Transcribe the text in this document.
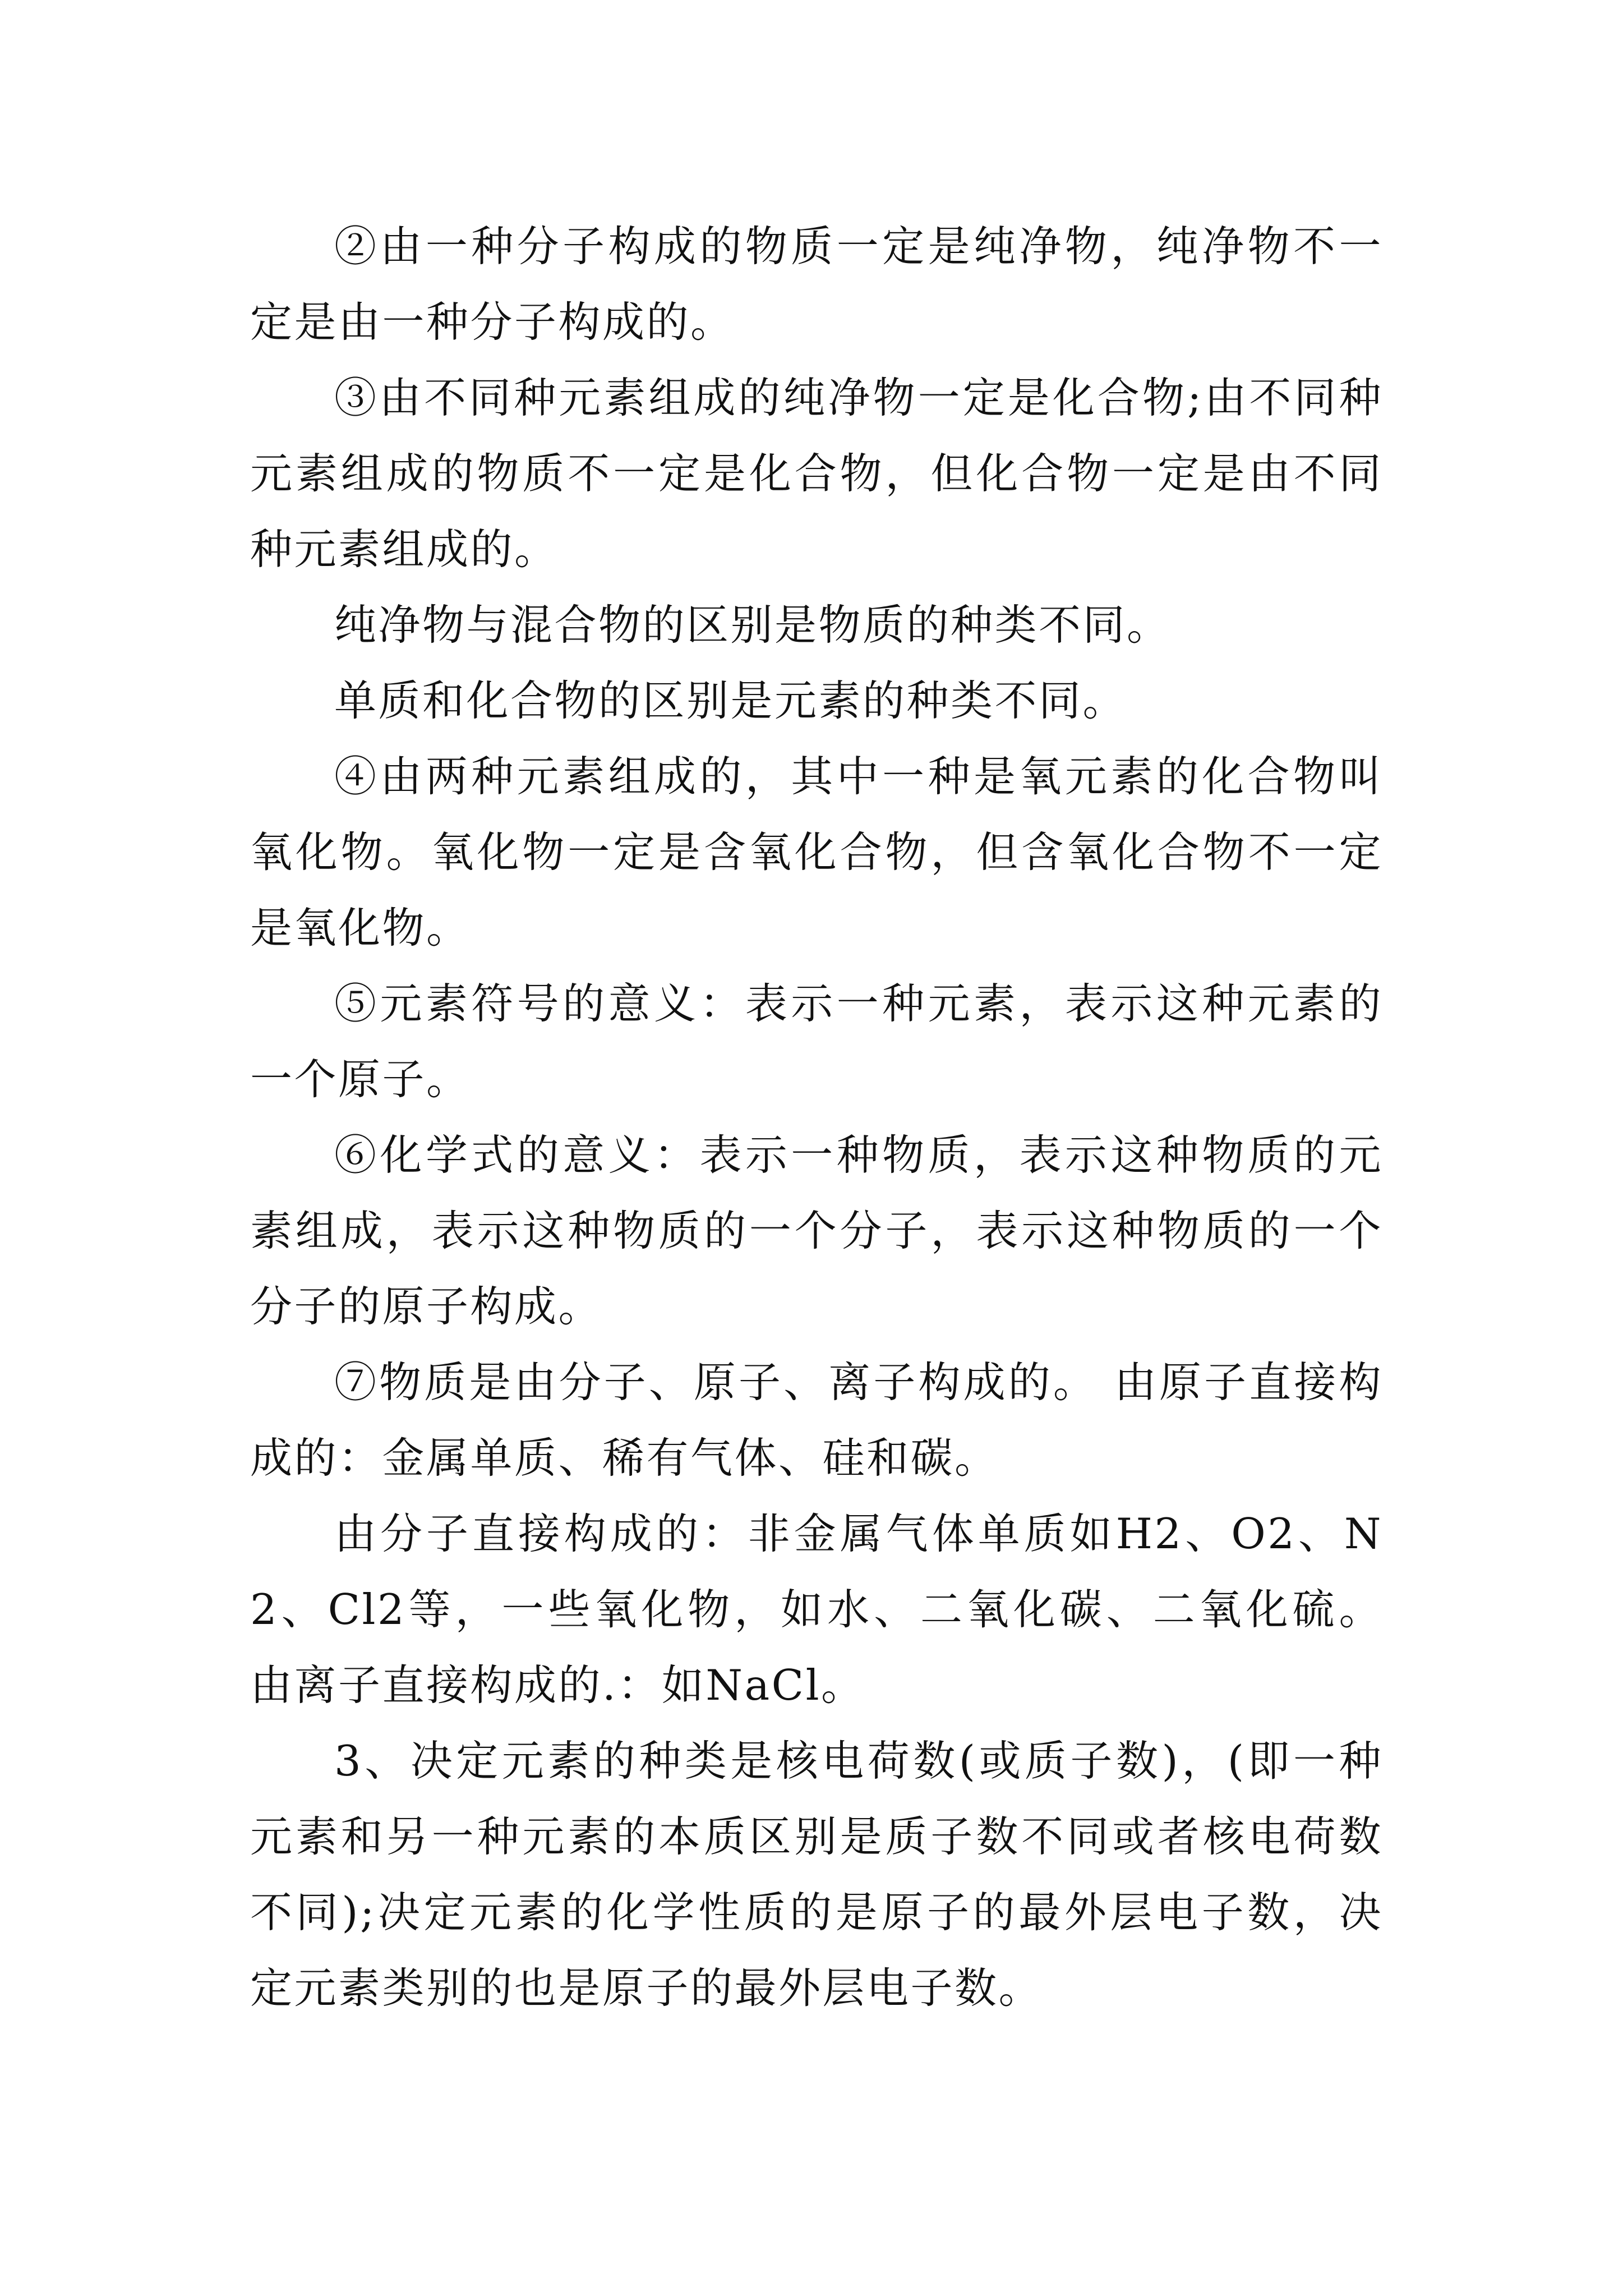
②由一种分子构成的物质一定是纯净物，纯净物不一定是由一种分子构成的。

③由不同种元素组成的纯净物一定是化合物;由不同种元素组成的物质不一定是化合物，但化合物一定是由不同种元素组成的。

纯净物与混合物的区别是物质的种类不同。

单质和化合物的区别是元素的种类不同。

④由两种元素组成的，其中一种是氧元素的化合物叫氧化物。氧化物一定是含氧化合物，但含氧化合物不一定是氧化物。

⑤元素符号的意义：表示一种元素，表示这种元素的一个原子。

⑥化学式的意义：表示一种物质，表示这种物质的元素组成，表示这种物质的一个分子，表示这种物质的一个分子的原子构成。

⑦物质是由分子、原子、离子构成的。 由原子直接构成的：金属单质、稀有气体、硅和碳。

由分子直接构成的：非金属气体单质如H2、O2、N2、Cl2等，一些氧化物，如水、二氧化碳、二氧化硫。 由离子直接构成的.：如NaCl。

3、决定元素的种类是核电荷数(或质子数)，(即一种元素和另一种元素的本质区别是质子数不同或者核电荷数不同);决定元素的化学性质的是原子的最外层电子数，决定元素类别的也是原子的最外层电子数。
